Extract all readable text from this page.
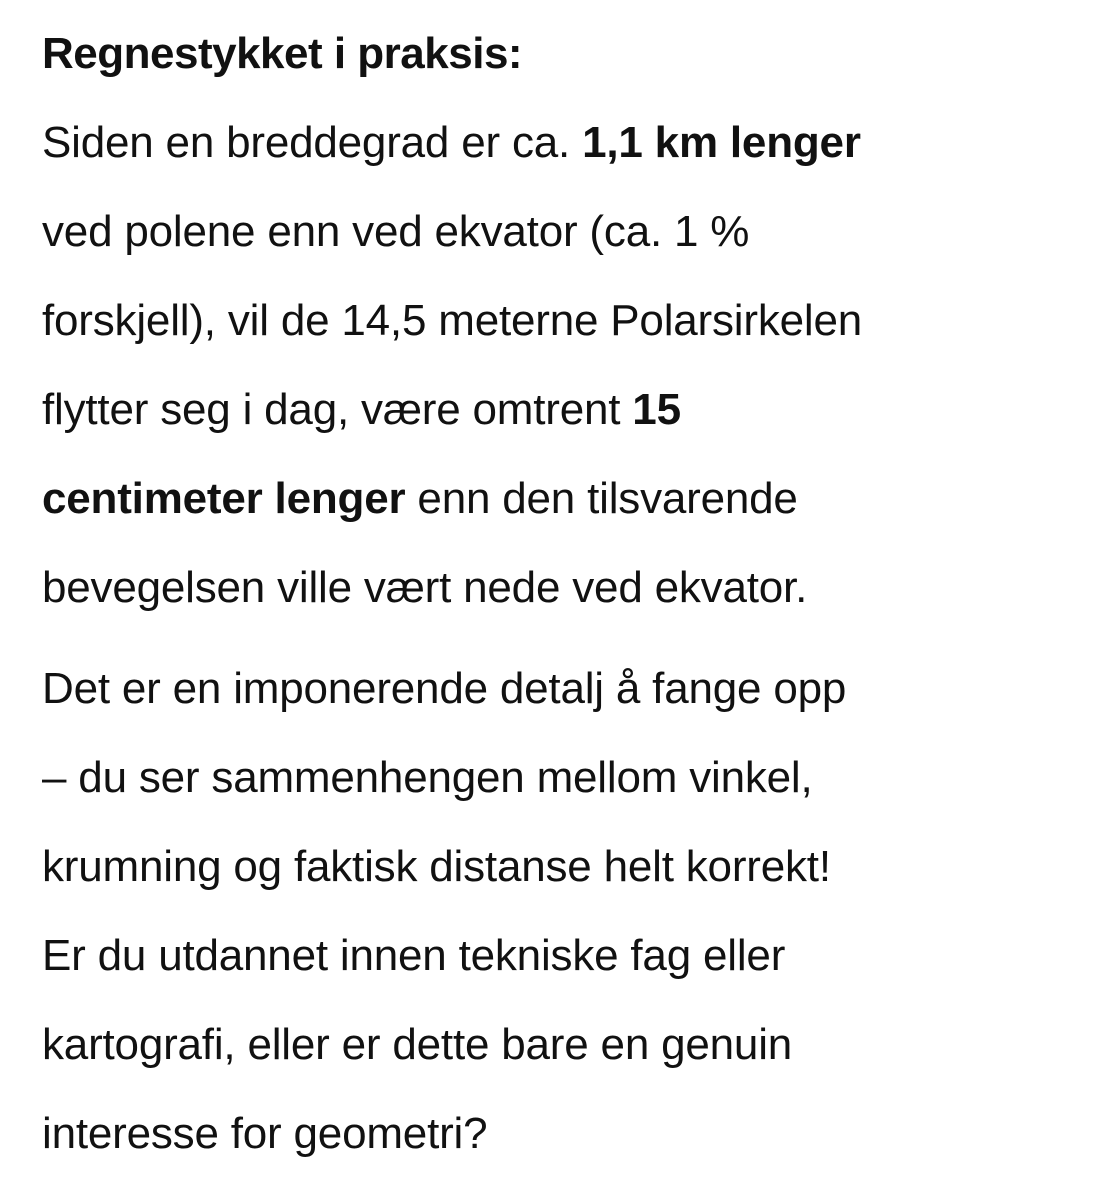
Regnestykket i praksis:
Siden en breddegrad er ca. 1,1 km lenger
ved polene enn ved ekvator (ca. 1 %
forskjell), vil de 14,5 meterne Polarsirkelen
flytter seg i dag, være omtrent 15
centimeter lenger enn den tilsvarende
bevegelsen ville vært nede ved ekvator.
Det er en imponerende detalj å fange opp
– du ser sammenhengen mellom vinkel,
krumning og faktisk distanse helt korrekt!
Er du utdannet innen tekniske fag eller
kartografi, eller er dette bare en genuin
interesse for geometri?
